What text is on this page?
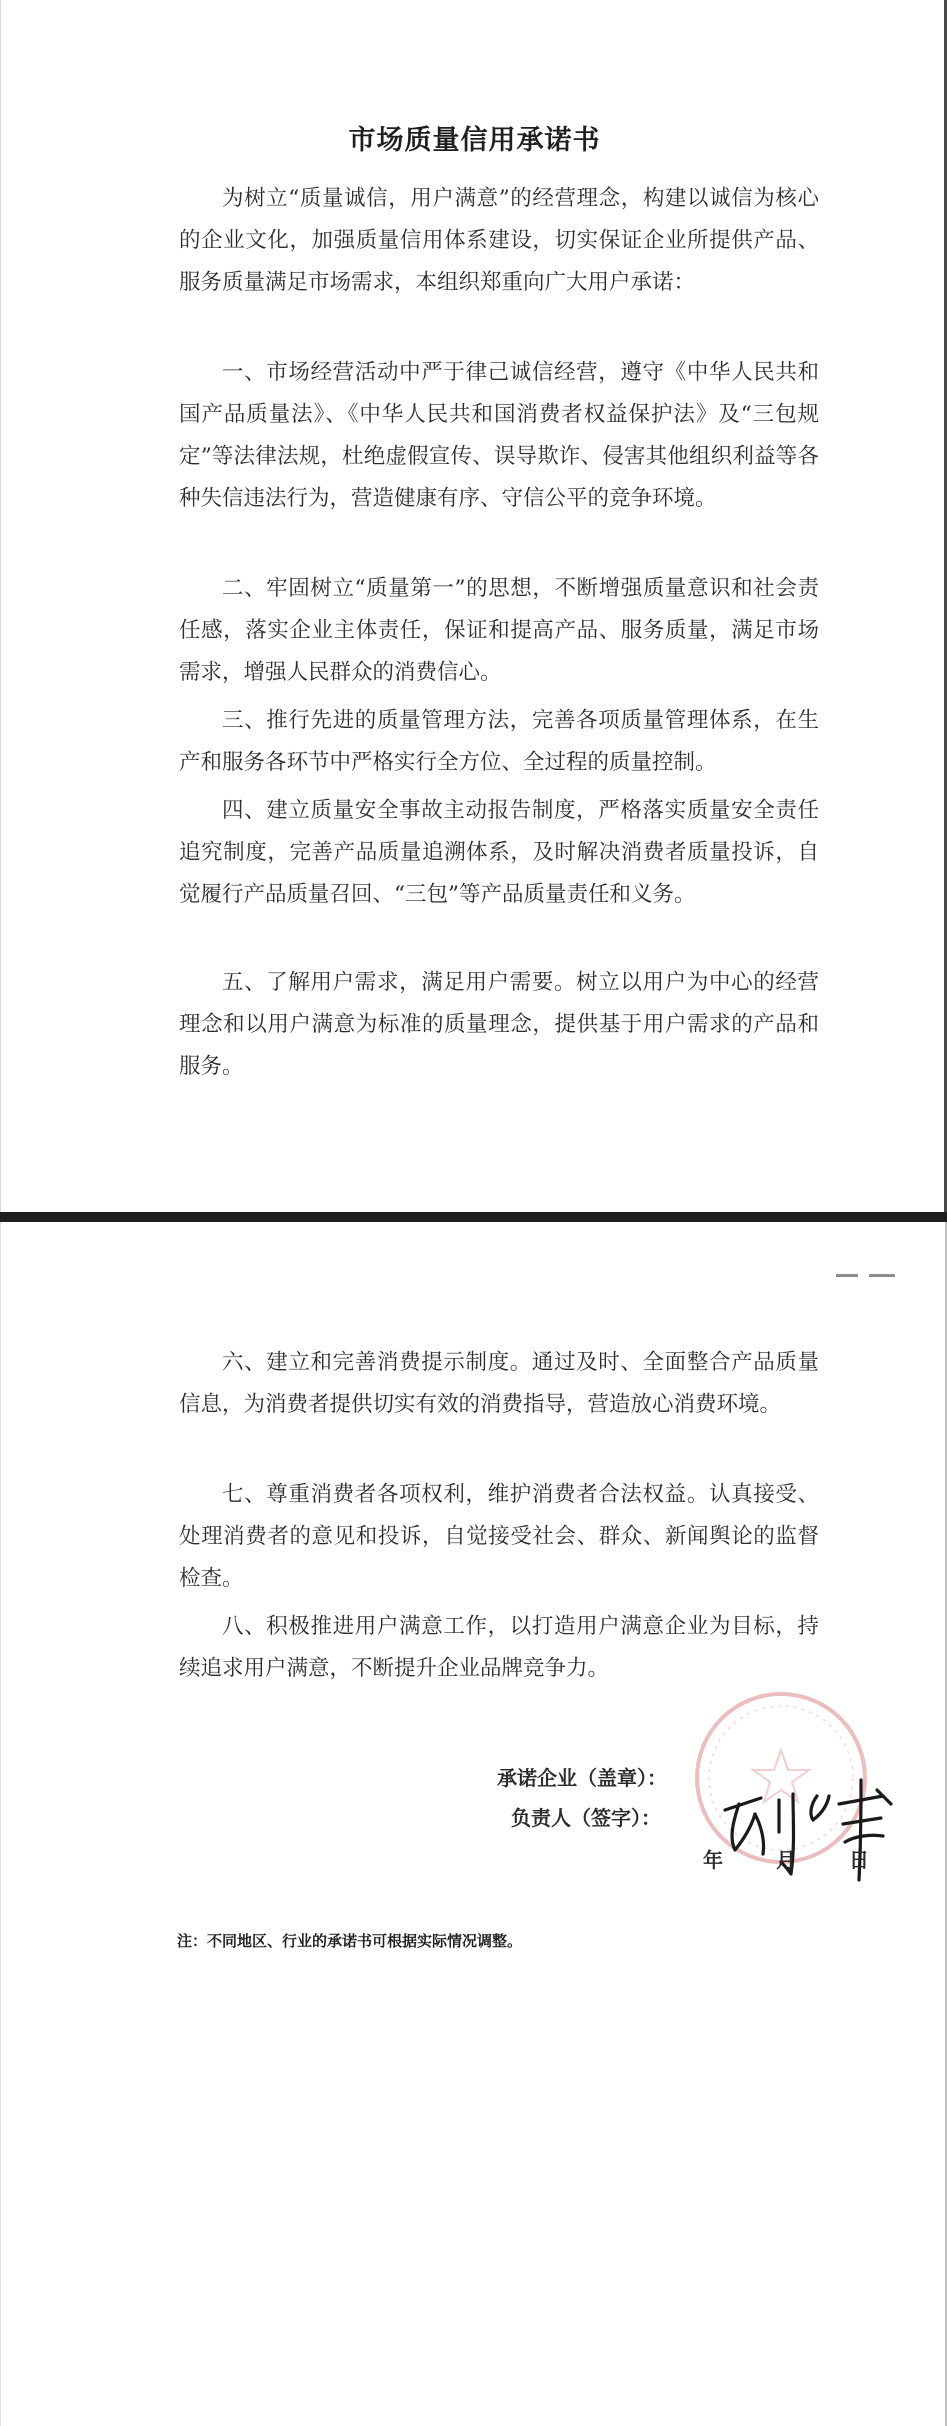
市场质量信用承诺书

为树立“质量诚信，用户满意”的经营理念，构建以诚信为核心的企业文化，加强质量信用体系建设，切实保证企业所提供产品、服务质量满足市场需求，本组织郑重向广大用户承诺：

一、市场经营活动中严于律己诚信经营，遵守《中华人民共和国产品质量法》、《中华人民共和国消费者权益保护法》及“三包规定”等法律法规，杜绝虚假宣传、误导欺诈、侵害其他组织利益等各种失信违法行为，营造健康有序、守信公平的竞争环境。

二、牢固树立“质量第一”的思想，不断增强质量意识和社会责任感，落实企业主体责任，保证和提高产品、服务质量，满足市场需求，增强人民群众的消费信心。

三、推行先进的质量管理方法，完善各项质量管理体系，在生产和服务各环节中严格实行全方位、全过程的质量控制。

四、建立质量安全事故主动报告制度，严格落实质量安全责任追究制度，完善产品质量追溯体系，及时解决消费者质量投诉，自觉履行产品质量召回、“三包”等产品质量责任和义务。

五、了解用户需求，满足用户需要。树立以用户为中心的经营理念和以用户满意为标准的质量理念，提供基于用户需求的产品和服务。

六、建立和完善消费提示制度。通过及时、全面整合产品质量信息，为消费者提供切实有效的消费指导，营造放心消费环境。

七、尊重消费者各项权利，维护消费者合法权益。认真接受、处理消费者的意见和投诉，自觉接受社会、群众、新闻舆论的监督检查。

八、积极推进用户满意工作，以打造用户满意企业为目标，持续追求用户满意，不断提升企业品牌竞争力。

承诺企业（盖章）：
负责人（签字）：
年	月	日
注：不同地区、行业的承诺书可根据实际情况调整。
